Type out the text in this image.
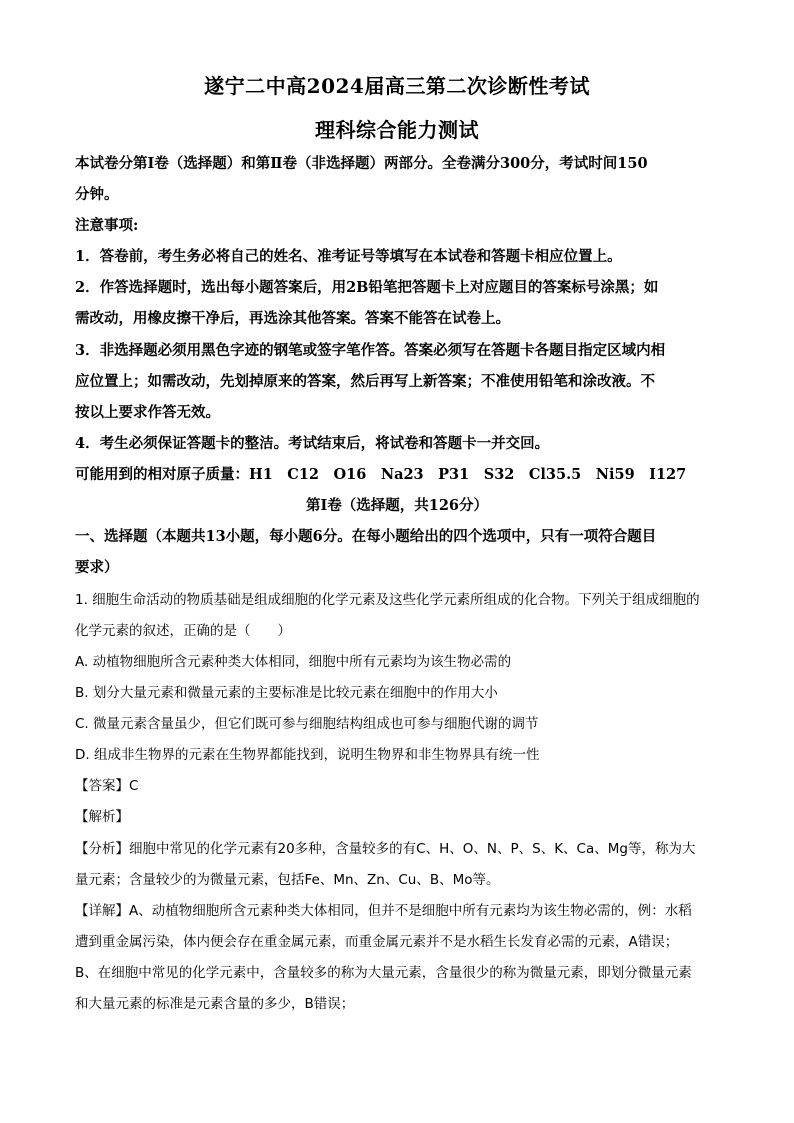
遂宁二中高2024届高三第二次诊断性考试
理科综合能力测试
本试卷分第Ⅰ卷（选择题）和第Ⅱ卷（非选择题）两部分。全卷满分300分，考试时间150
分钟。
注意事项:
1．答卷前，考生务必将自己的姓名、准考证号等填写在本试卷和答题卡相应位置上。
2．作答选择题时，选出每小题答案后，用2B铅笔把答题卡上对应题目的答案标号涂黑；如
需改动，用橡皮擦干净后，再选涂其他答案。答案不能答在试卷上。
3．非选择题必须用黑色字迹的钢笔或签字笔作答。答案必须写在答题卡各题目指定区域内相
应位置上；如需改动，先划掉原来的答案，然后再写上新答案；不准使用铅笔和涂改液。不
按以上要求作答无效。
4．考生必须保证答题卡的整洁。考试结束后，将试卷和答题卡一并交回。
可能用到的相对原子质量：H1　C12　O16　Na23　P31　S32　Cl35.5　Ni59　I127
第Ⅰ卷（选择题，共126分）
一、选择题（本题共13小题，每小题6分。在每小题给出的四个选项中，只有一项符合题目
要求）
1. 细胞生命活动的物质基础是组成细胞的化学元素及这些化学元素所组成的化合物。下列关于组成细胞的
化学元素的叙述，正确的是（　　）
A. 动植物细胞所含元素种类大体相同，细胞中所有元素均为该生物必需的
B. 划分大量元素和微量元素的主要标准是比较元素在细胞中的作用大小
C. 微量元素含量虽少，但它们既可参与细胞结构组成也可参与细胞代谢的调节
D. 组成非生物界的元素在生物界都能找到，说明生物界和非生物界具有统一性
【答案】C
【解析】
【分析】细胞中常见的化学元素有20多种，含量较多的有C、H、O、N、P、S、K、Ca、Mg等，称为大
量元素；含量较少的为微量元素，包括Fe、Mn、Zn、Cu、B、Mo等。
【详解】A、动植物细胞所含元素种类大体相同，但并不是细胞中所有元素均为该生物必需的，例：水稻
遭到重金属污染，体内便会存在重金属元素，而重金属元素并不是水稻生长发育必需的元素，A错误；
B、在细胞中常见的化学元素中，含量较多的称为大量元素，含量很少的称为微量元素，即划分微量元素
和大量元素的标准是元素含量的多少，B错误；
